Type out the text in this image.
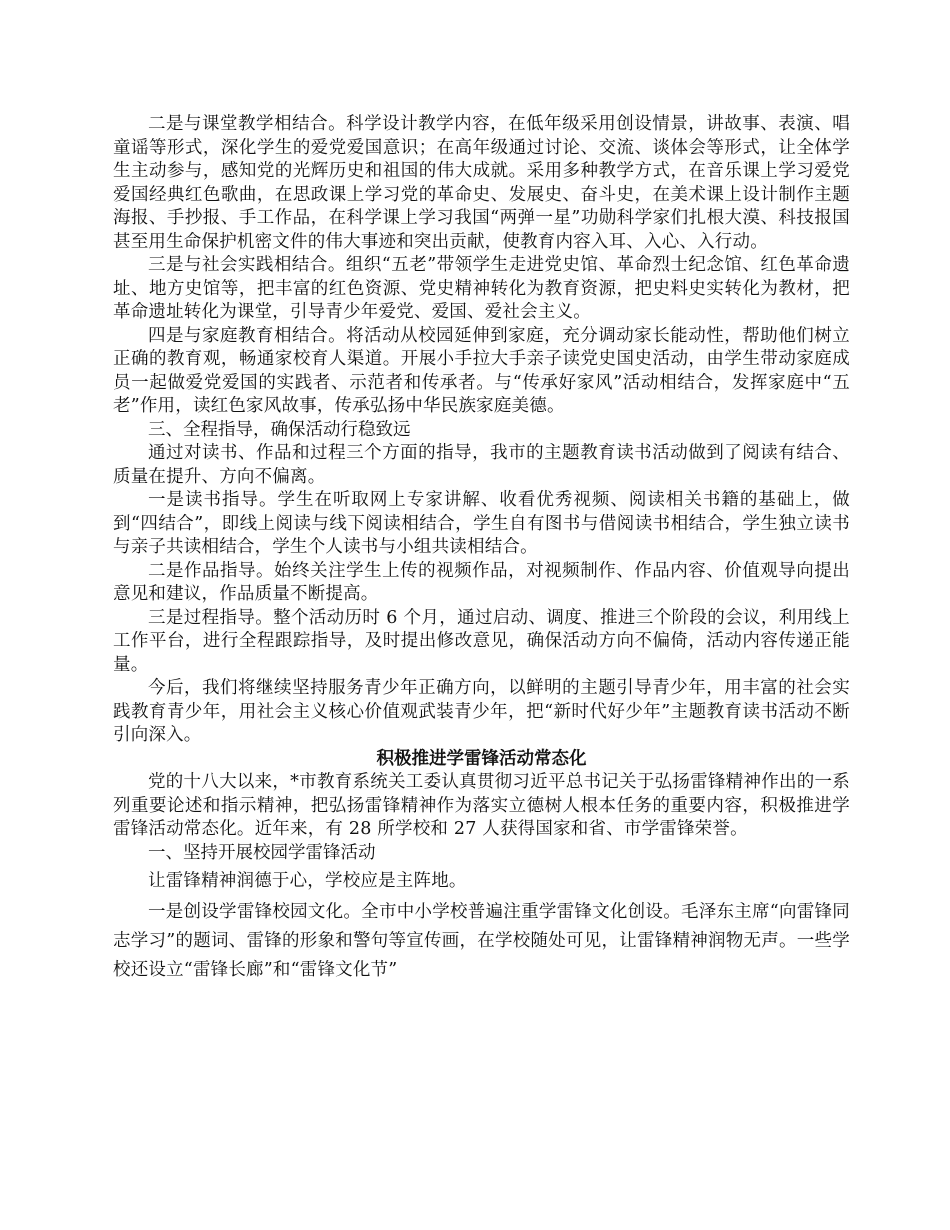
二是与课堂教学相结合。科学设计教学内容，在低年级采用创设情景，讲故事、表演、唱童谣等形式，深化学生的爱党爱国意识；在高年级通过讨论、交流、谈体会等形式，让全体学生主动参与，感知党的光辉历史和祖国的伟大成就。采用多种教学方式，在音乐课上学习爱党爱国经典红色歌曲，在思政课上学习党的革命史、发展史、奋斗史，在美术课上设计制作主题海报、手抄报、手工作品，在科学课上学习我国“两弹一星”功勋科学家们扎根大漠、科技报国甚至用生命保护机密文件的伟大事迹和突出贡献，使教育内容入耳、入心、入行动。

三是与社会实践相结合。组织“五老”带领学生走进党史馆、革命烈士纪念馆、红色革命遗址、地方史馆等，把丰富的红色资源、党史精神转化为教育资源，把史料史实转化为教材，把革命遗址转化为课堂，引导青少年爱党、爱国、爱社会主义。

四是与家庭教育相结合。将活动从校园延伸到家庭，充分调动家长能动性，帮助他们树立正确的教育观，畅通家校育人渠道。开展小手拉大手亲子读党史国史活动，由学生带动家庭成员一起做爱党爱国的实践者、示范者和传承者。与“传承好家风”活动相结合，发挥家庭中“五老”作用，读红色家风故事，传承弘扬中华民族家庭美德。

三、全程指导，确保活动行稳致远

通过对读书、作品和过程三个方面的指导，我市的主题教育读书活动做到了阅读有结合、质量在提升、方向不偏离。

一是读书指导。学生在听取网上专家讲解、收看优秀视频、阅读相关书籍的基础上，做到“四结合”，即线上阅读与线下阅读相结合，学生自有图书与借阅读书相结合，学生独立读书与亲子共读相结合，学生个人读书与小组共读相结合。

二是作品指导。始终关注学生上传的视频作品，对视频制作、作品内容、价值观导向提出意见和建议，作品质量不断提高。

三是过程指导。整个活动历时 6 个月，通过启动、调度、推进三个阶段的会议，利用线上工作平台，进行全程跟踪指导，及时提出修改意见，确保活动方向不偏倚，活动内容传递正能量。

今后，我们将继续坚持服务青少年正确方向，以鲜明的主题引导青少年，用丰富的社会实践教育青少年，用社会主义核心价值观武装青少年，把“新时代好少年”主题教育读书活动不断引向深入。

积极推进学雷锋活动常态化

党的十八大以来，*市教育系统关工委认真贯彻习近平总书记关于弘扬雷锋精神作出的一系列重要论述和指示精神，把弘扬雷锋精神作为落实立德树人根本任务的重要内容，积极推进学雷锋活动常态化。近年来，有 28 所学校和 27 人获得国家和省、市学雷锋荣誉。

一、坚持开展校园学雷锋活动

让雷锋精神润德于心，学校应是主阵地。

一是创设学雷锋校园文化。全市中小学校普遍注重学雷锋文化创设。毛泽东主席“向雷锋同志学习”的题词、雷锋的形象和警句等宣传画，在学校随处可见，让雷锋精神润物无声。一些学校还设立“雷锋长廊”和“雷锋文化节”
